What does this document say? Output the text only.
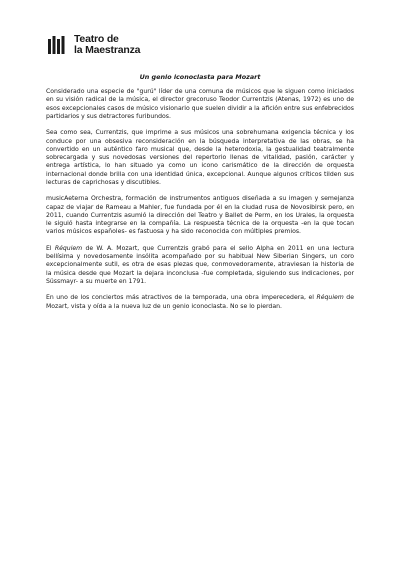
Teatro de
la Maestranza
Un genio iconoclasta para Mozart

Considerado una especie de "gurú" líder de una comuna de músicos que le siguen como iniciados en su visión radical de la música, el director grecoruso Teodor Currentzis (Atenas, 1972) es uno de esos excepcionales casos de músico visionario que suelen dividir a la afición entre sus enfebrecidos partidarios y sus detractores furibundos.

Sea como sea, Currentzis, que imprime a sus músicos una sobrehumana exigencia técnica y los conduce por una obsesiva reconsideración en la búsqueda interpretativa de las obras, se ha convertido en un auténtico faro musical que, desde la heterodoxia, la gestualidad teatralmente sobrecargada y sus novedosas versiones del repertorio llenas de vitalidad, pasión, carácter y entrega artística, lo han situado ya como un icono carismático de la dirección de orquesta internacional donde brilla con una identidad única, excepcional. Aunque algunos críticos tilden sus lecturas de caprichosas y discutibles.

musicAeterna Orchestra, formación de instrumentos antiguos diseñada a su imagen y semejanza capaz de viajar de Rameau a Mahler, fue fundada por él en la ciudad rusa de Novosibirsk pero, en 2011, cuando Currentzis asumió la dirección del Teatro y Ballet de Perm, en los Urales, la orquesta le siguió hasta integrarse en la compañía. La respuesta técnica de la orquesta -en la que tocan varios músicos españoles- es fastuosa y ha sido reconocida con múltiples premios.

El Réquiem de W. A. Mozart, que Currentzis grabó para el sello Alpha en 2011 en una lectura bellísima y novedosamente insólita acompañado por su habitual New Siberian Singers, un coro excepcionalmente sutil, es otra de esas piezas que, conmovedoramente, atraviesan la historia de la música desde que Mozart la dejara inconclusa -fue completada, siguiendo sus indicaciones, por Süssmayr- a su muerte en 1791.

En uno de los conciertos más atractivos de la temporada, una obra imperecedera, el Réquiem de Mozart, vista y oída a la nueva luz de un genio iconoclasta. No se lo pierdan.
